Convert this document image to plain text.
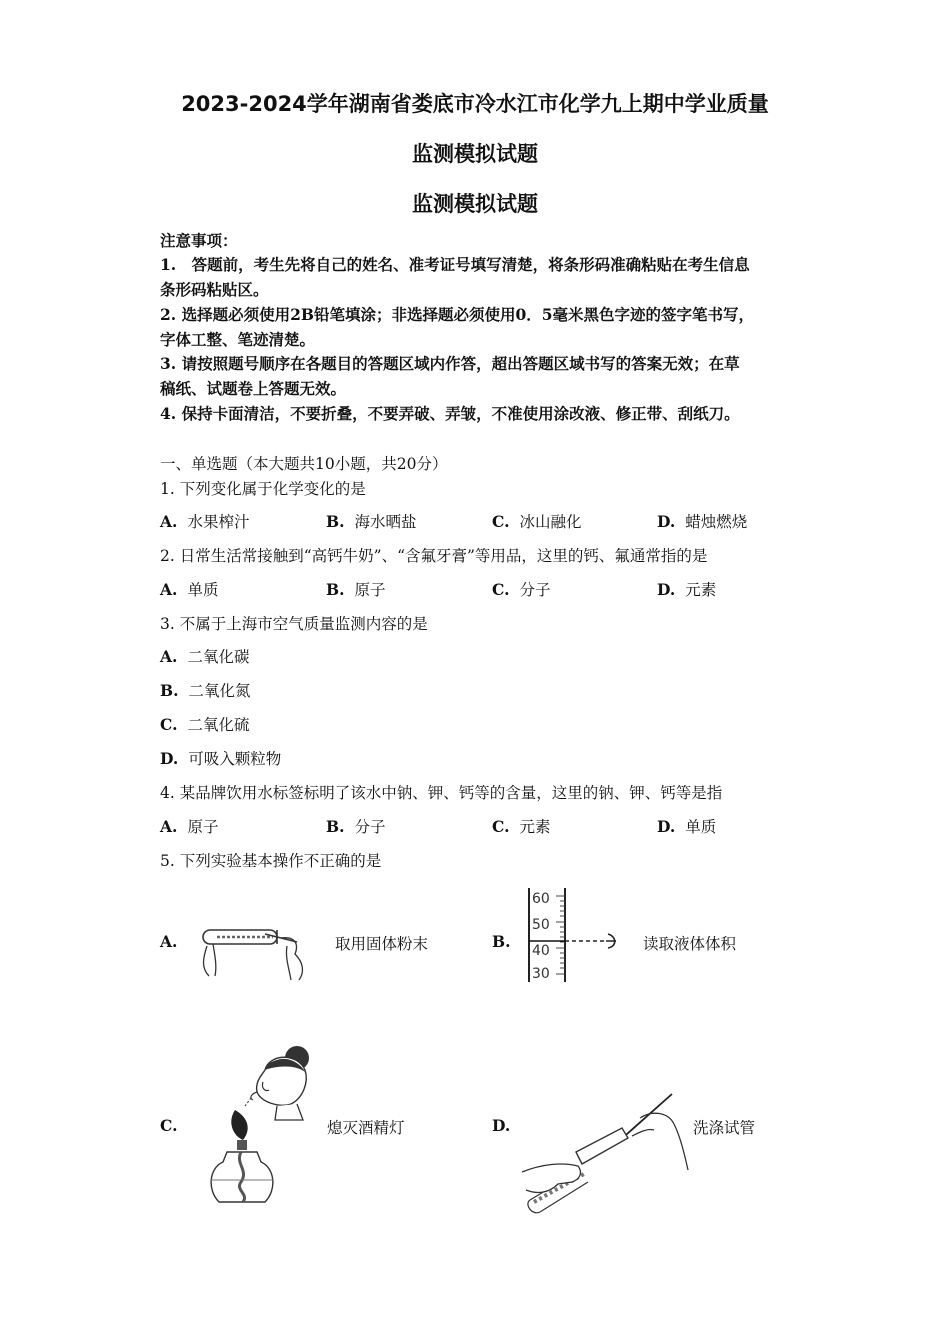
2023-2024学年湖南省娄底市冷水江市化学九上期中学业质量
监测模拟试题
监测模拟试题
注意事项：
1.　答题前，考生先将自己的姓名、准考证号填写清楚，将条形码准确粘贴在考生信息
条形码粘贴区。
2. 选择题必须使用2B铅笔填涂；非选择题必须使用0．5毫米黑色字迹的签字笔书写，
字体工整、笔迹清楚。
3. 请按照题号顺序在各题目的答题区域内作答，超出答题区域书写的答案无效；在草
稿纸、试题卷上答题无效。
4. 保持卡面清洁，不要折叠，不要弄破、弄皱，不准使用涂改液、修正带、刮纸刀。
一、单选题（本大题共10小题，共20分）
1. 下列变化属于化学变化的是
A. 水果榨汁	B. 海水晒盐	C. 冰山融化	D. 蜡烛燃烧
2. 日常生活常接触到“高钙牛奶”、“含氟牙膏”等用品，这里的钙、氟通常指的是
A. 单质	B. 原子	C. 分子	D. 元素
3. 不属于上海市空气质量监测内容的是
A. 二氧化碳
B. 二氧化氮
C. 二氧化硫
D. 可吸入颗粒物
4. 某品牌饮用水标签标明了该水中钠、钾、钙等的含量，这里的钠、钾、钙等是指
A. 原子	B. 分子	C. 元素	D. 单质
5. 下列实验基本操作不正确的是
A.	取用固体粉末	B.
60
50
40
30
读取液体体积
C.	熄灭酒精灯	D.	洗涤试管
